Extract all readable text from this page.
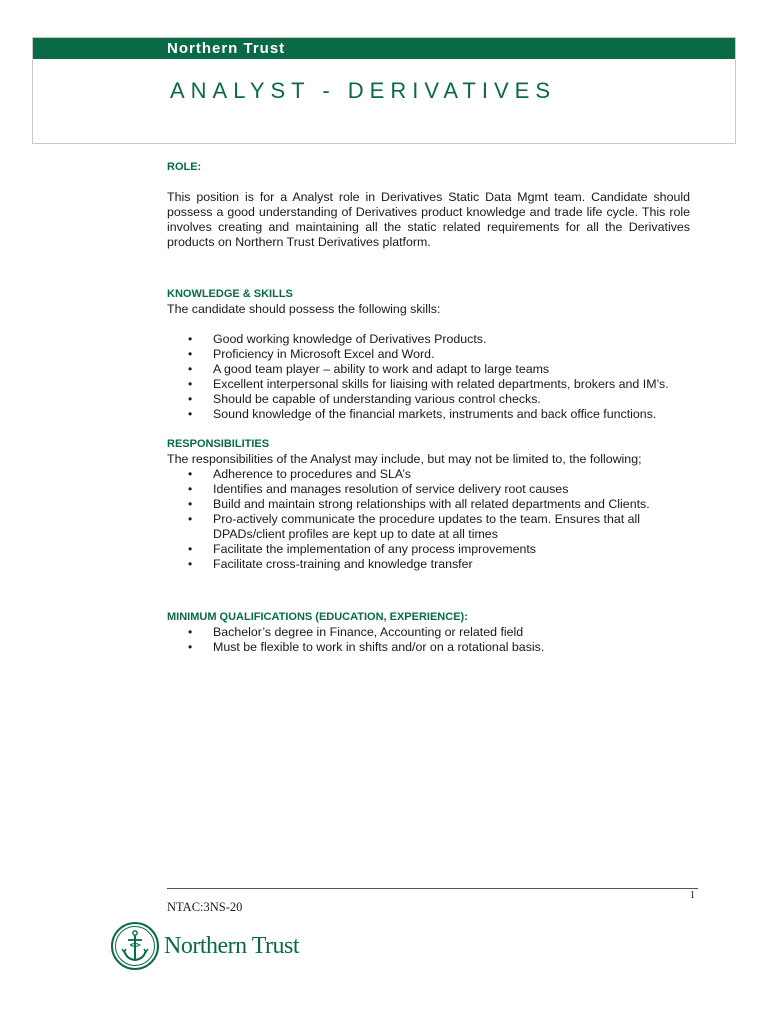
Northern Trust
ANALYST - DERIVATIVES

ROLE:

This position is for a Analyst role in Derivatives Static Data Mgmt team. Candidate should possess a good understanding of Derivatives product knowledge and trade life cycle. This role involves creating and maintaining all the static related requirements for all the Derivatives products on Northern Trust Derivatives platform.

KNOWLEDGE & SKILLS

The candidate should possess the following skills:

• Good working knowledge of Derivatives Products.
• Proficiency in Microsoft Excel and Word.
• A good team player – ability to work and adapt to large teams
• Excellent interpersonal skills for liaising with related departments, brokers and IM’s.
• Should be capable of understanding various control checks.
• Sound knowledge of the financial markets, instruments and back office functions.

RESPONSIBILITIES

The responsibilities of the Analyst may include, but may not be limited to, the following;

• Adherence to procedures and SLA’s
• Identifies and manages resolution of service delivery root causes
• Build and maintain strong relationships with all related departments and Clients.
• Pro-actively communicate the procedure updates to the team. Ensures that all DPADs/client profiles are kept up to date at all times
• Facilitate the implementation of any process improvements
• Facilitate cross-training and knowledge transfer

MINIMUM QUALIFICATIONS (EDUCATION, EXPERIENCE):

• Bachelor’s degree in Finance, Accounting or related field
• Must be flexible to work in shifts and/or on a rotational basis.
1
NTAC:3NS-20
Northern Trust
